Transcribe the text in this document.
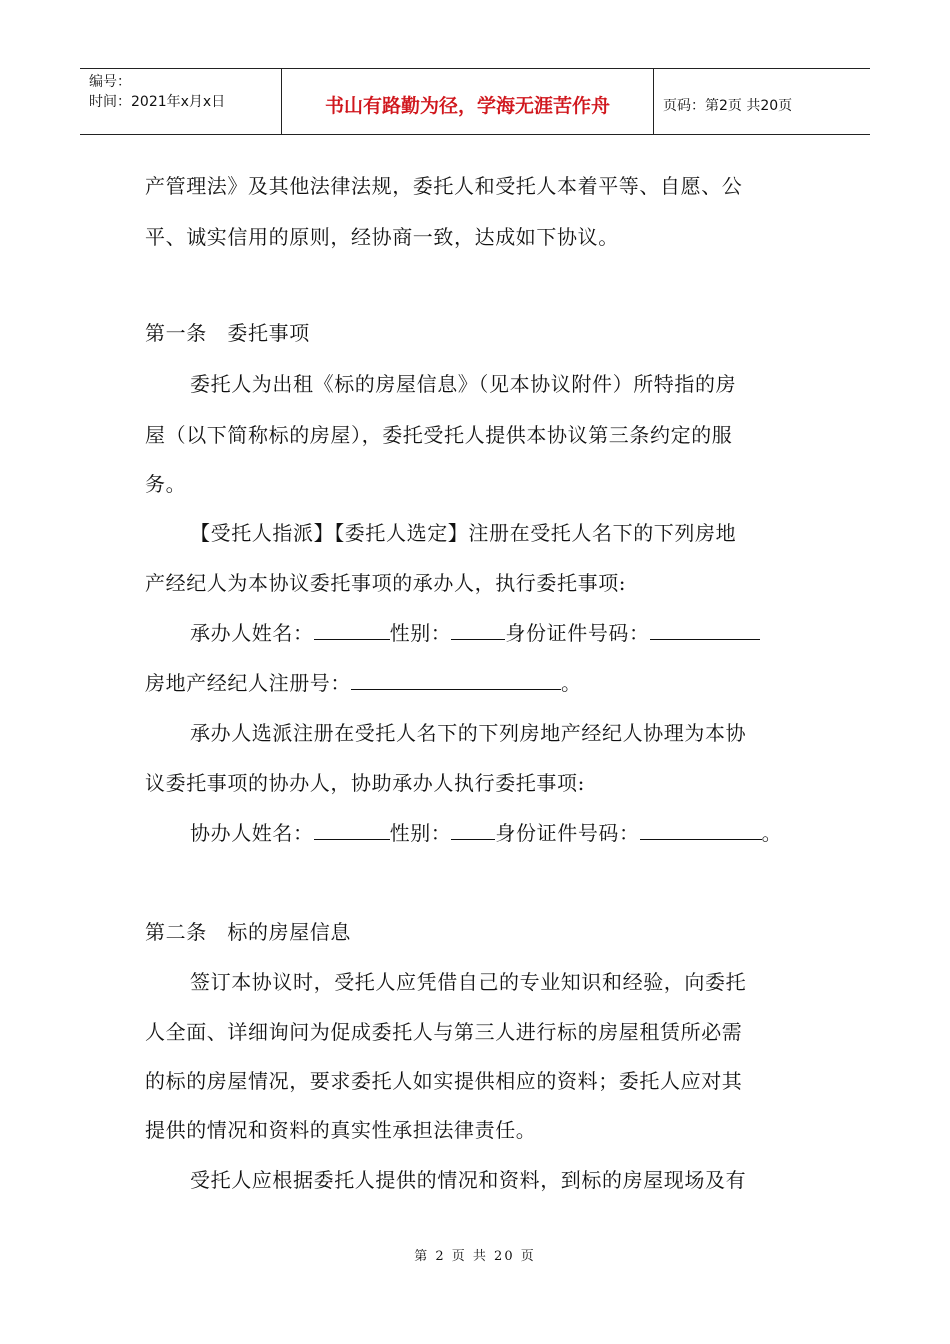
编号：
时间：2021年x月x日	书山有路勤为径，学海无涯苦作舟	页码：第2页 共20页
产管理法》及其他法律法规，委托人和受托人本着平等、自愿、公
平、诚实信用的原则，经协商一致，达成如下协议。
第一条　委托事项
委托人为出租《标的房屋信息》（见本协议附件）所特指的房
屋（以下简称标的房屋），委托受托人提供本协议第三条约定的服
务。
【受托人指派】【委托人选定】注册在受托人名下的下列房地
产经纪人为本协议委托事项的承办人，执行委托事项:
承办人姓名：	性别：	身份证件号码：
房地产经纪人注册号：	。
承办人选派注册在受托人名下的下列房地产经纪人协理为本协
议委托事项的协办人，协助承办人执行委托事项:
协办人姓名：	性别： 身份证件号码：	。
第二条　标的房屋信息
签订本协议时，受托人应凭借自己的专业知识和经验，向委托
人全面、详细询问为促成委托人与第三人进行标的房屋租赁所必需
的标的房屋情况，要求委托人如实提供相应的资料；委托人应对其
提供的情况和资料的真实性承担法律责任。
受托人应根据委托人提供的情况和资料，到标的房屋现场及有
第 2 页 共 20 页
